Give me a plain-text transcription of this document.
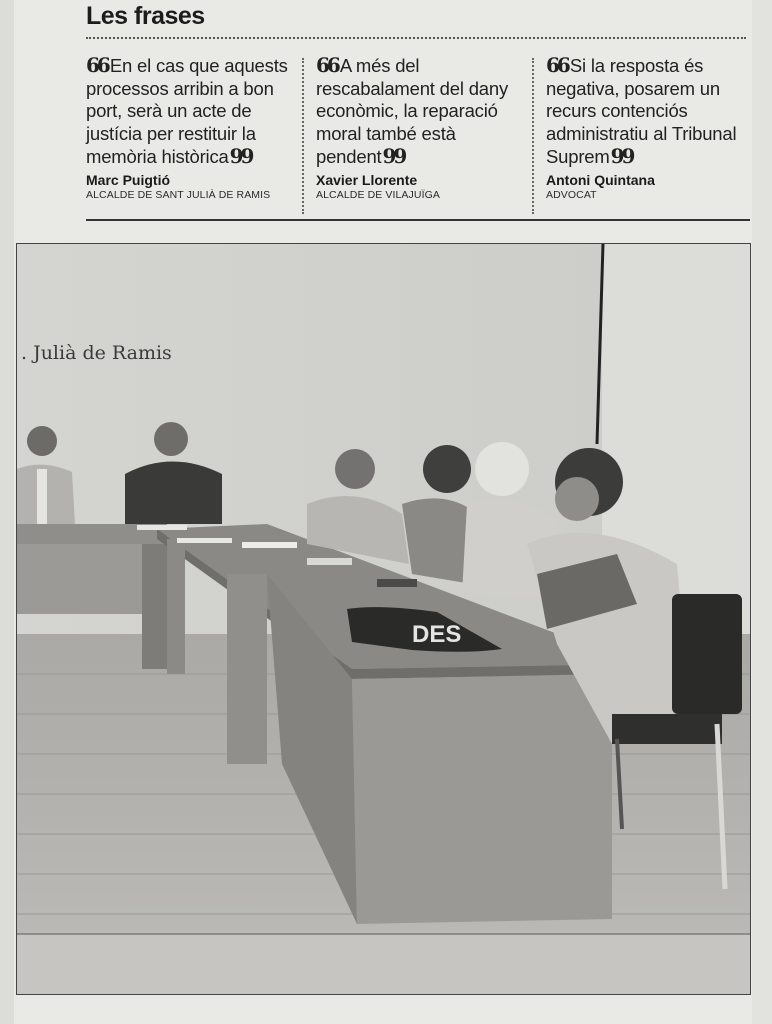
Les frases
66 En el cas que aquests processos arribin a bon port, serà un acte de justícia per restituir la memòria històrica99
Marc Puigtió
ALCALDE DE SANT JULIÀ DE RAMIS
66 A més del rescabalament del dany econòmic, la reparació moral també està pendent99
Xavier Llorente
ALCALDE DE VILAJUÏGA
66 Si la resposta és negativa, posarem un recurs contenciós administratiu al Tribunal Suprem99
Antoni Quintana
ADVOCAT
DES
. Julià de Ramis
